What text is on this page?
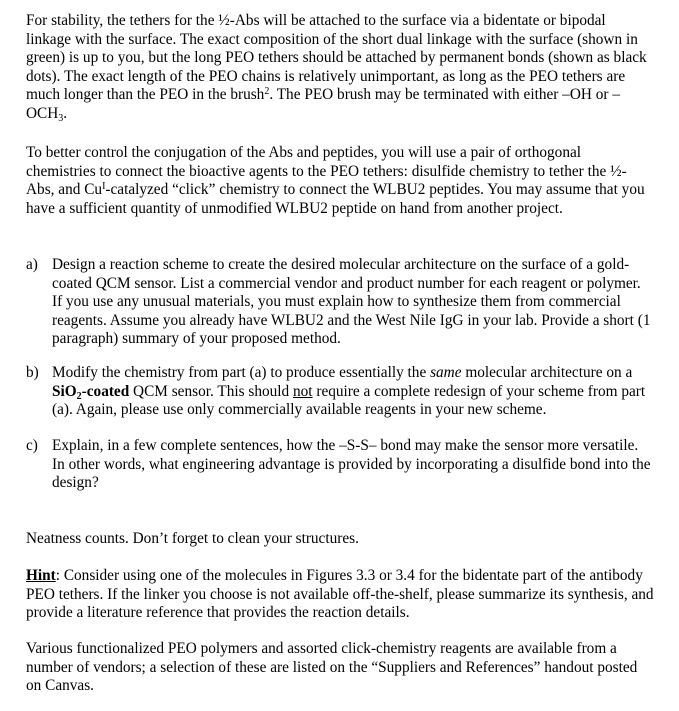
For stability, the tethers for the ½-Abs will be attached to the surface via a bidentate or bipodal linkage with the surface. The exact composition of the short dual linkage with the surface (shown in green) is up to you, but the long PEO tethers should be attached by permanent bonds (shown as black dots). The exact length of the PEO chains is relatively unimportant, as long as the PEO tethers are much longer than the PEO in the brush$^2$. The PEO brush may be terminated with either –OH or $-OCH_3$.

To better control the conjugation of the Abs and peptides, you will use a pair of orthogonal chemistries to connect the bioactive agents to the PEO tethers: disulfide chemistry to tether the ½-Abs, and $Cu^I$-catalyzed “click” chemistry to connect the WLBU2 peptides. You may assume that you have a sufficient quantity of unmodified WLBU2 peptide on hand from another project.

a) Design a reaction scheme to create the desired molecular architecture on the surface of a gold-coated QCM sensor. List a commercial vendor and product number for each reagent or polymer. If you use any unusual materials, you must explain how to synthesize them from commercial reagents. Assume you already have WLBU2 and the West Nile IgG in your lab. Provide a short (1 paragraph) summary of your proposed method.
b) Modify the chemistry from part (a) to produce essentially the same molecular architecture on a SiO$_2$-coated QCM sensor. This should not require a complete redesign of your scheme from part (a). Again, please use only commercially available reagents in your new scheme.
c) Explain, in a few complete sentences, how the –S-S– bond may make the sensor more versatile. In other words, what engineering advantage is provided by incorporating a disulfide bond into the design?

Neatness counts. Don’t forget to clean your structures.

Hint: Consider using one of the molecules in Figures 3.3 or 3.4 for the bidentate part of the antibody PEO tethers. If the linker you choose is not available off-the-shelf, please summarize its synthesis, and provide a literature reference that provides the reaction details.

Various functionalized PEO polymers and assorted click-chemistry reagents are available from a number of vendors; a selection of these are listed on the “Suppliers and References” handout posted on Canvas.
